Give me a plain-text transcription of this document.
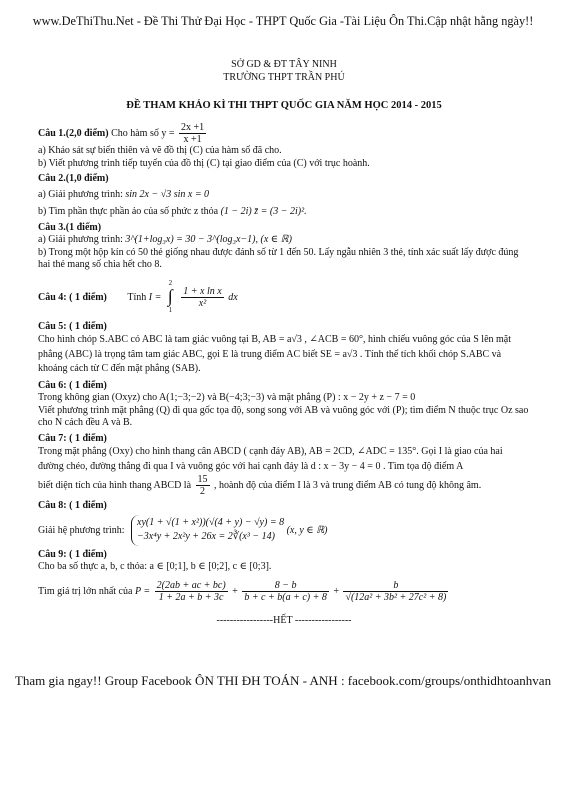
www.DeThiThu.Net - Đề Thi Thử Đại Học - THPT Quốc Gia -Tài Liệu Ôn Thi.Cập nhật hằng ngày!!
SỞ GD & ĐT TÂY NINH
TRƯỜNG THPT TRẦN PHÚ
ĐỀ THAM KHẢO KÌ THI THPT QUỐC GIA NĂM HỌC 2014 - 2015
Câu 1.(2,0 điểm) Cho hàm số $y = \frac{2x +1}{x +1}$
a) Khảo sát sự biến thiên và vẽ đồ thị (C) của hàm số đã cho.
b) Viết phương trình tiếp tuyến của đồ thị (C) tại giao điểm của (C) với trục hoành.
Câu 2.(1,0 điểm)
a) Giải phương trình: sin 2x − √3 sin x = 0
b) Tìm phần thực phần ảo của số phức z thỏa (1 − 2i) z̄ = (3 − 2i)².
Câu 3.(1 điểm)
a) Giải phương trình: 3^(1+log₃x) = 30 − 3^(log₃x−1), (x ∈ ℝ)
b) Trong một hộp kín có 50 thẻ giống nhau được đánh số từ 1 đến 50. Lấy ngẫu nhiên 3 thẻ, tính xác suất lấy được đúng hai thẻ mang số chia hết cho 8.
Câu 4: ( 1 điểm) Tính I =
2
∫
1

$\frac{\text{1 + x ln x}}{\text{x²}}$ dx
Câu 5: ( 1 điểm)
Cho hình chóp S.ABC có ABC là tam giác vuông tại B, AB = a√3 , ∠ACB = 60°, hình chiếu vuông góc của S lên mặt phẳng (ABC) là trọng tâm tam giác ABC, gọi E là trung điểm AC biết SE = a√3 . Tính thể tích khối chóp S.ABC và khoảng cách từ C đến mặt phẳng (SAB).
Câu 6: ( 1 điểm)
Trong không gian (Oxyz) cho A(1;−3;−2) và B(−4;3;−3) và mặt phẳng (P) : x − 2y + z − 7 = 0
Viết phương trình mặt phẳng (Q) đi qua gốc tọa độ, song song với AB và vuông góc với (P); tìm điểm N thuộc trục Oz sao cho N cách đều A và B.
Câu 7: ( 1 điểm)
Trong mặt phẳng (Oxy) cho hình thang cân ABCD ( cạnh đáy AB), AB = 2CD, ∠ADC = 135°. Gọi I là giao của hai đường chéo, đường thẳng đi qua I và vuông góc với hai cạnh đáy là d : x − 3y − 4 = 0 . Tìm tọa độ điểm A
biết diện tích của hình thang ABCD là $\frac{15}{2}$ , hoành độ của điểm I là 3 và trung điểm AB có tung độ không âm.
Câu 8: ( 1 điểm)
Giải hệ phương trình:
xy(1 + √(1 + x²))(√(4 + y) − √y) = 8
−3x⁴y + 2x²y + 26x = 2∛(x³ − 14)
(x, y ∈ ℝ)
Câu 9: ( 1 điểm)
Cho ba số thực a, b, c thỏa: a ∈ [0;1], b ∈ [0;2], c ∈ [0;3].
Tìm giá trị lớn nhất của $P = \frac{2(2ab + ac + bc)}{1 + 2a + b + 3c} + \frac{8 - b}{b + c + b(a + c) + 8} + \frac{b}{\text{√(12a² + 3b² + 27c² + 8)}}$
-----------------HẾT -----------------
Tham gia ngay!! Group Facebook ÔN THI ĐH TOÁN - ANH : facebook.com/groups/onthidhtoanhvan
